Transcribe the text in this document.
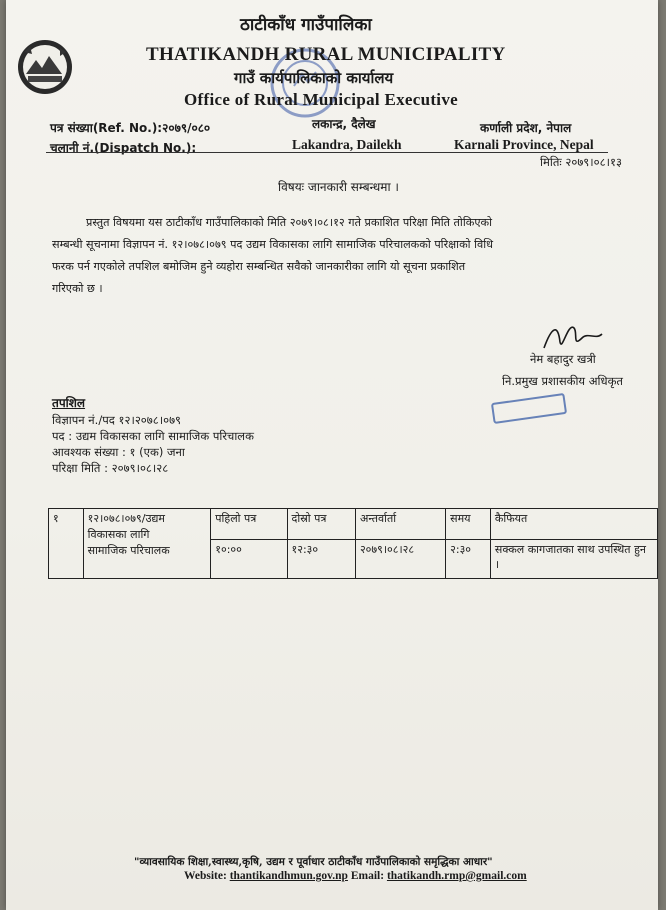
ठाटीकाँध गाउँपालिका
THATIKANDH RURAL MUNICIPALITY
गाउँ कार्यपालिकाको कार्यालय
Office of Rural Municipal Executive
पत्र संख्या(Ref. No.):२०७९/०८०
चलानी नं.(Dispatch No.):
लकान्द्र, दैलेख
Lakandra, Dailekh
कर्णाली प्रदेश, नेपाल
Karnali Province, Nepal
मितिः २०७९।०८।१३
विषयः जानकारी सम्बन्धमा ।
प्रस्तुत विषयमा यस ठाटीकाँध गाउँपालिकाको मिति २०७९।०८।१२ गते प्रकाशित परिक्षा मिति तोकिएको
सम्बन्धी सूचनामा विज्ञापन नं. १२।०७८।०७९ पद उद्यम विकासका लागि सामाजिक परिचालकको परिक्षाको विधि
फरक पर्न गएकोले तपशिल बमोजिम हुने व्यहोरा सम्बन्धित सवैको जानकारीका लागि यो सूचना प्रकाशित
गरिएको छ ।
नेम बहादुर खत्री
नि.प्रमुख प्रशासकीय अधिकृत

तपशिल
विज्ञापन नं./पद १२।२०७८।०७९
पद : उद्यम विकासका लागि सामाजिक परिचालक
आवश्यक संख्या : १ (एक) जना
परिक्षा मिति : २०७९।०८।२८
१	१२।०७८।०७९/उद्यम
विकासका लागि
सामाजिक परिचालक	पहिलो पत्र	दोस्रो पत्र	अन्तर्वार्ता	समय	कैफियत
		१०:००	१२:३०	२०७९।०८।२८	२:३०	सक्कल कागजातका साथ उपस्थित हुन ।
"व्यावसायिक शिक्षा,स्वास्थ्य,कृषि, उद्यम र पूर्वाधार ठाटीकाँध गाउँपालिकाको समृद्धिका आधार"
Website: thantikandhmun.gov.np Email: thatikandh.rmp@gmail.com
